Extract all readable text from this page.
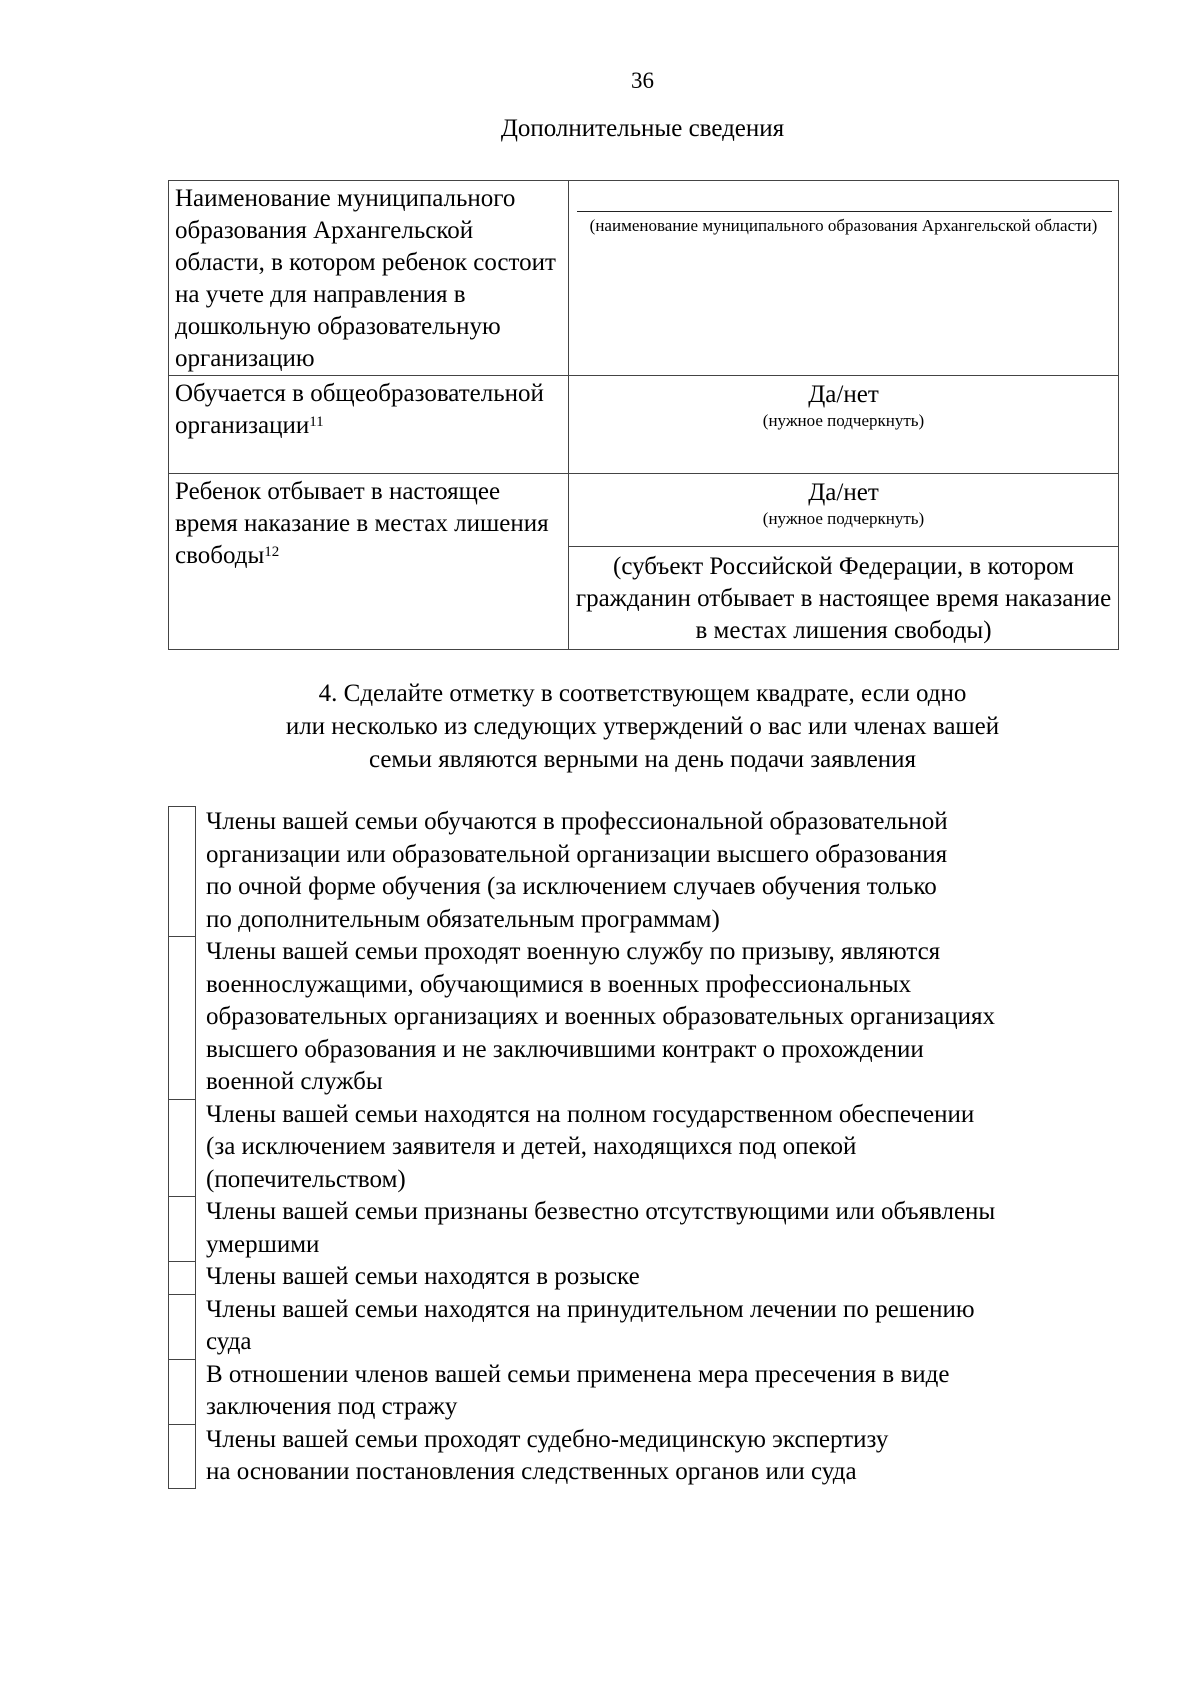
36
Дополнительные сведения
Наименование муниципального образования Архангельской области, в котором ребенок состоит на учете для направления в дошкольную образовательную организацию	(наименование муниципального образования Архангельской области)

Обучается в общеобразовательной организации$^{11}$	Да/нет
(нужное подчеркнуть)

Ребенок отбывает в настоящее время наказание в местах лишения свободы$^{12}$	Да/нет
(нужное подчеркнуть)

	(субъект Российской Федерации, в котором гражданин отбывает в настоящее время наказание в местах лишения свободы)
4. Сделайте отметку в соответствующем квадрате, если одно
или несколько из следующих утверждений о вас или членах вашей
семьи являются верными на день подачи заявления
Члены вашей семьи обучаются в профессиональной образовательной
организации или образовательной организации высшего образования
по очной форме обучения (за исключением случаев обучения только
по дополнительным обязательным программам)
Члены вашей семьи проходят военную службу по призыву, являются
военнослужащими, обучающимися в военных профессиональных
образовательных организациях и военных образовательных организациях
высшего образования и не заключившими контракт о прохождении
военной службы
Члены вашей семьи находятся на полном государственном обеспечении
(за исключением заявителя и детей, находящихся под опекой
(попечительством)
Члены вашей семьи признаны безвестно отсутствующими или объявлены
умершими
Члены вашей семьи находятся в розыске
Члены вашей семьи находятся на принудительном лечении по решению
суда
В отношении членов вашей семьи применена мера пресечения в виде
заключения под стражу
Члены вашей семьи проходят судебно-медицинскую экспертизу
на основании постановления следственных органов или суда
